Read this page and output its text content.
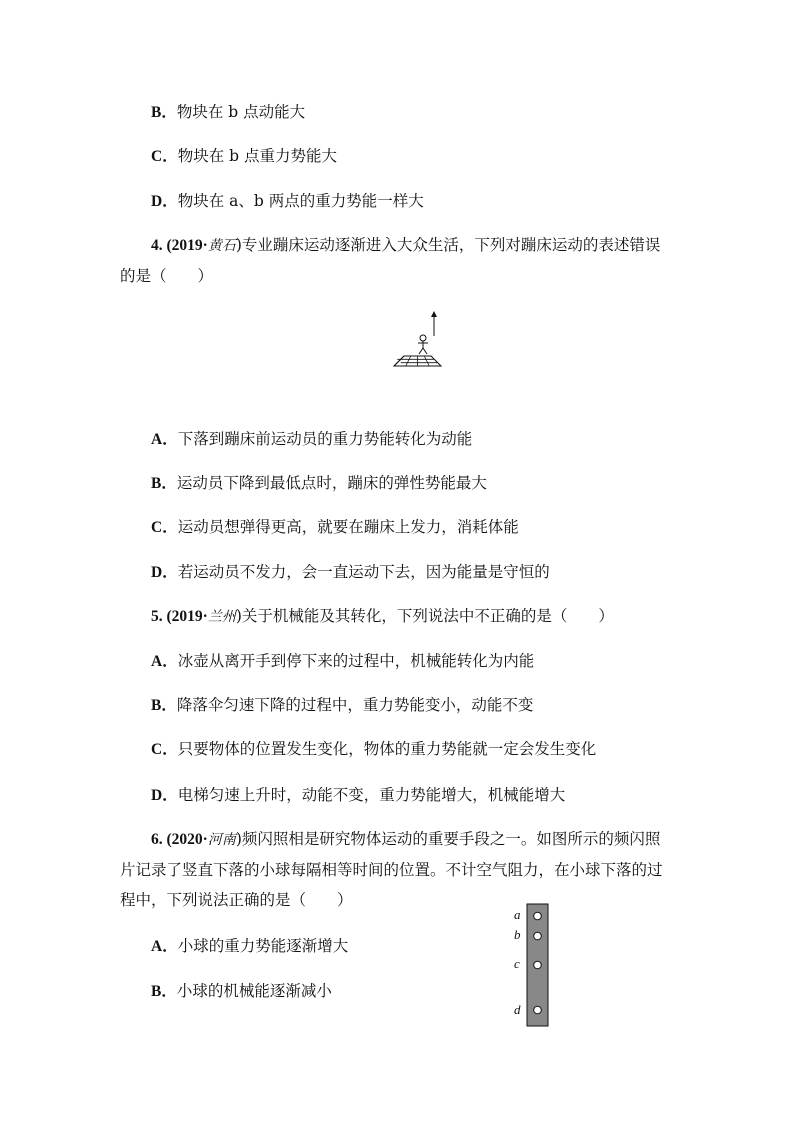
B．物块在 b 点动能大
C．物块在 b 点重力势能大
D．物块在 a、b 两点的重力势能一样大
4. (2019·黄石)专业蹦床运动逐渐进入大众生活，下列对蹦床运动的表述错误
的是（　　）
A．下落到蹦床前运动员的重力势能转化为动能
B．运动员下降到最低点时，蹦床的弹性势能最大
C．运动员想弹得更高，就要在蹦床上发力，消耗体能
D．若运动员不发力，会一直运动下去，因为能量是守恒的
5. (2019·兰州)关于机械能及其转化，下列说法中不正确的是（　　）
A．冰壶从离开手到停下来的过程中，机械能转化为内能
B．降落伞匀速下降的过程中，重力势能变小，动能不变
C．只要物体的位置发生变化，物体的重力势能就一定会发生变化
D．电梯匀速上升时，动能不变，重力势能增大，机械能增大
6. (2020·河南)频闪照相是研究物体运动的重要手段之一。如图所示的频闪照
片记录了竖直下落的小球每隔相等时间的位置。不计空气阻力，在小球下落的过
程中，下列说法正确的是（　　）
A．小球的重力势能逐渐增大
B．小球的机械能逐渐减小
a
b
c
d
